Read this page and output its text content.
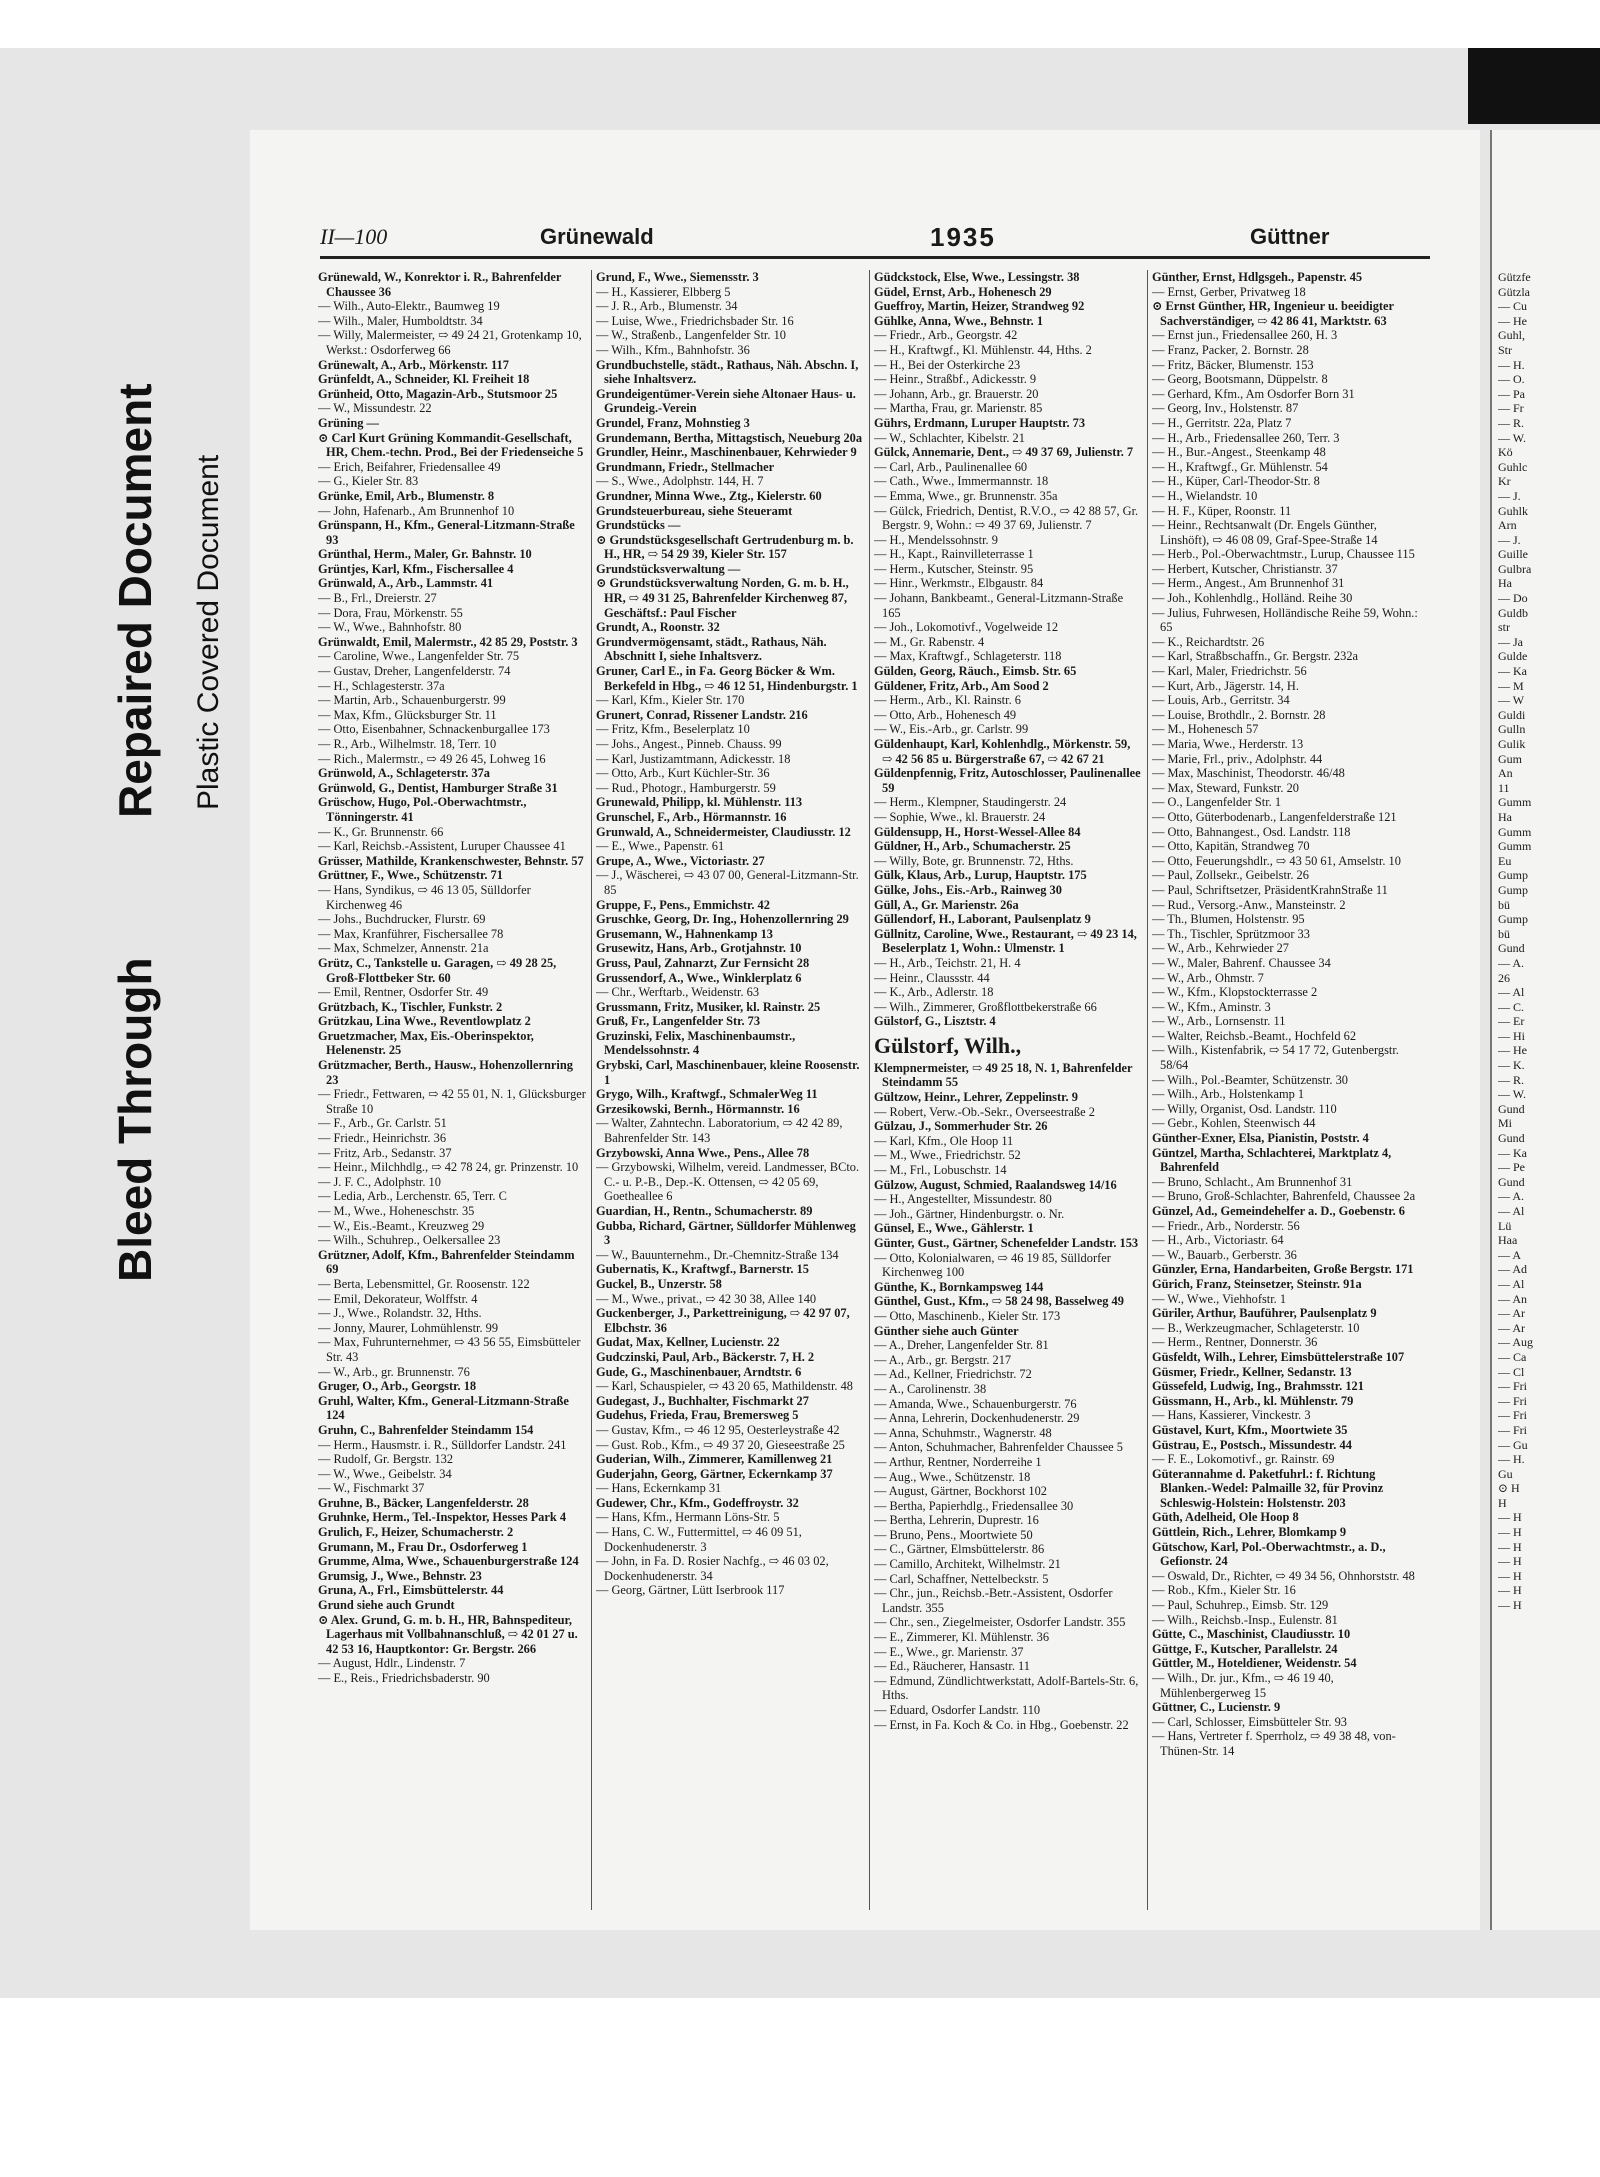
Bleed Through
Repaired Document Plastic Covered Document
II—100	Grünewald	1935	Güttner
Grünewald, W., Konrektor i. R., Bahrenfelder Chaussee 36
— Wilh., Auto-Elektr., Baumweg 19
— Wilh., Maler, Humboldtstr. 34
— Willy, Malermeister, ⇨ 49 24 21, Grotenkamp 10, Werkst.: Osdorferweg 66
Grünewalt, A., Arb., Mörkenstr. 117
Grünfeldt, A., Schneider, Kl. Freiheit 18
Grünheid, Otto, Magazin-Arb., Stutsmoor 25
— W., Missundestr. 22
Grüning —
⊙ Carl Kurt Grüning Kommandit-Gesellschaft, HR, Chem.-techn. Prod., Bei der Friedenseiche 5
— Erich, Beifahrer, Friedensallee 49
— G., Kieler Str. 83
Grünke, Emil, Arb., Blumenstr. 8
— John, Hafenarb., Am Brunnenhof 10
Grünspann, H., Kfm., General-Litzmann-Straße 93
Grünthal, Herm., Maler, Gr. Bahnstr. 10
Grüntjes, Karl, Kfm., Fischersallee 4
Grünwald, A., Arb., Lammstr. 41
— B., Frl., Dreierstr. 27
— Dora, Frau, Mörkenstr. 55
— W., Wwe., Bahnhofstr. 80
Grünwaldt, Emil, Malermstr., 42 85 29, Poststr. 3
— Caroline, Wwe., Langenfelder Str. 75
— Gustav, Dreher, Langenfelderstr. 74
— H., Schlagesterstr. 37a
— Martin, Arb., Schauenburgerstr. 99
— Max, Kfm., Glücksburger Str. 11
— Otto, Eisenbahner, Schnackenburgallee 173
— R., Arb., Wilhelmstr. 18, Terr. 10
— Rich., Malermstr., ⇨ 49 26 45, Lohweg 16
Grünwold, A., Schlageterstr. 37a
Grünwold, G., Dentist, Hamburger Straße 31
Grüschow, Hugo, Pol.-Oberwachtmstr., Tönningerstr. 41
— K., Gr. Brunnenstr. 66
— Karl, Reichsb.-Assistent, Luruper Chaussee 41
Grüsser, Mathilde, Krankenschwester, Behnstr. 57
Grüttner, F., Wwe., Schützenstr. 71
— Hans, Syndikus, ⇨ 46 13 05, Sülldorfer Kirchenweg 46
— Johs., Buchdrucker, Flurstr. 69
— Max, Kranführer, Fischersallee 78
— Max, Schmelzer, Annenstr. 21a
Grütz, C., Tankstelle u. Garagen, ⇨ 49 28 25, Groß-Flottbeker Str. 60
— Emil, Rentner, Osdorfer Str. 49
Grützbach, K., Tischler, Funkstr. 2
Grützkau, Lina Wwe., Reventlowplatz 2
Gruetzmacher, Max, Eis.-Oberinspektor, Helenenstr. 25
Grützmacher, Berth., Hausw., Hohenzollernring 23
— Friedr., Fettwaren, ⇨ 42 55 01, N. 1, Glücksburger Straße 10
— F., Arb., Gr. Carlstr. 51
— Friedr., Heinrichstr. 36
— Fritz, Arb., Sedanstr. 37
— Heinr., Milchhdlg., ⇨ 42 78 24, gr. Prinzenstr. 10
— J. F. C., Adolphstr. 10
— Ledia, Arb., Lerchenstr. 65, Terr. C
— M., Wwe., Hoheneschstr. 35
— W., Eis.-Beamt., Kreuzweg 29
— Wilh., Schuhrep., Oelkersallee 23
Grützner, Adolf, Kfm., Bahrenfelder Steindamm 69
— Berta, Lebensmittel, Gr. Roosenstr. 122
— Emil, Dekorateur, Wolffstr. 4
— J., Wwe., Rolandstr. 32, Hths.
— Jonny, Maurer, Lohmühlenstr. 99
— Max, Fuhrunternehmer, ⇨ 43 56 55, Eimsbütteler Str. 43
— W., Arb., gr. Brunnenstr. 76
Gruger, O., Arb., Georgstr. 18
Gruhl, Walter, Kfm., General-Litzmann-Straße 124
Gruhn, C., Bahrenfelder Steindamm 154
— Herm., Hausmstr. i. R., Sülldorfer Landstr. 241
— Rudolf, Gr. Bergstr. 132
— W., Wwe., Geibelstr. 34
— W., Fischmarkt 37
Gruhne, B., Bäcker, Langenfelderstr. 28
Gruhnke, Herm., Tel.-Inspektor, Hesses Park 4
Grulich, F., Heizer, Schumacherstr. 2
Grumann, M., Frau Dr., Osdorferweg 1
Grumme, Alma, Wwe., Schauenburgerstraße 124
Grumsig, J., Wwe., Behnstr. 23
Gruna, A., Frl., Eimsbüttelerstr. 44
Grund siehe auch Grundt
⊙ Alex. Grund, G. m. b. H., HR, Bahnspediteur, Lagerhaus mit Vollbahnanschluß, ⇨ 42 01 27 u. 42 53 16, Hauptkontor: Gr. Bergstr. 266
— August, Hdlr., Lindenstr. 7
— E., Reis., Friedrichsbaderstr. 90
Grund, F., Wwe., Siemensstr. 3
— H., Kassierer, Elbberg 5
— J. R., Arb., Blumenstr. 34
— Luise, Wwe., Friedrichsbader Str. 16
— W., Straßenb., Langenfelder Str. 10
— Wilh., Kfm., Bahnhofstr. 36
Grundbuchstelle, städt., Rathaus, Näh. Abschn. I, siehe Inhaltsverz.
Grundeigentümer-Verein siehe Altonaer Haus- u. Grundeig.-Verein
Grundel, Franz, Mohnstieg 3
Grundemann, Bertha, Mittagstisch, Neueburg 20a
Grundler, Heinr., Maschinenbauer, Kehrwieder 9
Grundmann, Friedr., Stellmacher
— S., Wwe., Adolphstr. 144, H. 7
Grundner, Minna Wwe., Ztg., Kielerstr. 60
Grundsteuerbureau, siehe Steueramt
Grundstücks —
⊙ Grundstücksgesellschaft Gertrudenburg m. b. H., HR, ⇨ 54 29 39, Kieler Str. 157
Grundstücksverwaltung —
⊙ Grundstücksverwaltung Norden, G. m. b. H., HR, ⇨ 49 31 25, Bahrenfelder Kirchenweg 87, Geschäftsf.: Paul Fischer
Grundt, A., Roonstr. 32
Grundvermögensamt, städt., Rathaus, Näh. Abschnitt I, siehe Inhaltsverz.
Gruner, Carl E., in Fa. Georg Böcker & Wm. Berkefeld in Hbg., ⇨ 46 12 51, Hindenburgstr. 1
— Karl, Kfm., Kieler Str. 170
Grunert, Conrad, Rissener Landstr. 216
— Fritz, Kfm., Beselerplatz 10
— Johs., Angest., Pinneb. Chauss. 99
— Karl, Justizamtmann, Adickesstr. 18
— Otto, Arb., Kurt Küchler-Str. 36
— Rud., Photogr., Hamburgerstr. 59
Grunewald, Philipp, kl. Mühlenstr. 113
Grunschel, F., Arb., Hörmannstr. 16
Grunwald, A., Schneidermeister, Claudiusstr. 12
— E., Wwe., Papenstr. 61
Grupe, A., Wwe., Victoriastr. 27
— J., Wäscherei, ⇨ 43 07 00, General-Litzmann-Str. 85
Gruppe, F., Pens., Emmichstr. 42
Gruschke, Georg, Dr. Ing., Hohenzollernring 29
Grusemann, W., Hahnenkamp 13
Grusewitz, Hans, Arb., Grotjahnstr. 10
Gruss, Paul, Zahnarzt, Zur Fernsicht 28
Grussendorf, A., Wwe., Winklerplatz 6
— Chr., Werftarb., Weidenstr. 63
Grussmann, Fritz, Musiker, kl. Rainstr. 25
Gruß, Fr., Langenfelder Str. 73
Gruzinski, Felix, Maschinenbaumstr., Mendelssohnstr. 4
Grybski, Carl, Maschinenbauer, kleine Roosenstr. 1
Grygo, Wilh., Kraftwgf., SchmalerWeg 11
Grzesikowski, Bernh., Hörmannstr. 16
— Walter, Zahntechn. Laboratorium, ⇨ 42 42 89, Bahrenfelder Str. 143
Grzybowski, Anna Wwe., Pens., Allee 78
— Grzybowski, Wilhelm, vereid. Landmesser, BCto. C.- u. P.-B., Dep.-K. Ottensen, ⇨ 42 05 69, Goetheallee 6
Guardian, H., Rentn., Schumacherstr. 89
Gubba, Richard, Gärtner, Sülldorfer Mühlenweg 3
— W., Bauunternehm., Dr.-Chemnitz-Straße 134
Gubernatis, K., Kraftwgf., Barnerstr. 15
Guckel, B., Unzerstr. 58
— M., Wwe., privat., ⇨ 42 30 38, Allee 140
Guckenberger, J., Parkettreinigung, ⇨ 42 97 07, Elbchstr. 36
Gudat, Max, Kellner, Lucienstr. 22
Gudczinski, Paul, Arb., Bäckerstr. 7, H. 2
Gude, G., Maschinenbauer, Arndtstr. 6
— Karl, Schauspieler, ⇨ 43 20 65, Mathildenstr. 48
Gudegast, J., Buchhalter, Fischmarkt 27
Gudehus, Frieda, Frau, Bremersweg 5
— Gustav, Kfm., ⇨ 46 12 95, Oesterleystraße 42
— Gust. Rob., Kfm., ⇨ 49 37 20, Gieseestraße 25
Guderian, Wilh., Zimmerer, Kamillenweg 21
Guderjahn, Georg, Gärtner, Eckernkamp 37
— Hans, Eckernkamp 31
Gudewer, Chr., Kfm., Godeffroystr. 32
— Hans, Kfm., Hermann Löns-Str. 5
— Hans, C. W., Futtermittel, ⇨ 46 09 51, Dockenhudenerstr. 3
— John, in Fa. D. Rosier Nachfg., ⇨ 46 03 02, Dockenhudenerstr. 34
— Georg, Gärtner, Lütt Iserbrook 117
Güdckstock, Else, Wwe., Lessingstr. 38
Güdel, Ernst, Arb., Hohenesch 29
Gueffroy, Martin, Heizer, Strandweg 92
Gühlke, Anna, Wwe., Behnstr. 1
— Friedr., Arb., Georgstr. 42
— H., Kraftwgf., Kl. Mühlenstr. 44, Hths. 2
— H., Bei der Osterkirche 23
— Heinr., Straßbf., Adickesstr. 9
— Johann, Arb., gr. Brauerstr. 20
— Martha, Frau, gr. Marienstr. 85
Gührs, Erdmann, Luruper Hauptstr. 73
— W., Schlachter, Kibelstr. 21
Gülck, Annemarie, Dent., ⇨ 49 37 69, Julienstr. 7
— Carl, Arb., Paulinenallee 60
— Cath., Wwe., Immermannstr. 18
— Emma, Wwe., gr. Brunnenstr. 35a
— Gülck, Friedrich, Dentist, R.V.O., ⇨ 42 88 57, Gr. Bergstr. 9, Wohn.: ⇨ 49 37 69, Julienstr. 7
— H., Mendelssohnstr. 9
— H., Kapt., Rainvilleterrasse 1
— Herm., Kutscher, Steinstr. 95
— Hinr., Werkmstr., Elbgaustr. 84
— Johann, Bankbeamt., General-Litzmann-Straße 165
— Joh., Lokomotivf., Vogelweide 12
— M., Gr. Rabenstr. 4
— Max, Kraftwgf., Schlageterstr. 118
Gülden, Georg, Räuch., Eimsb. Str. 65
Güldener, Fritz, Arb., Am Sood 2
— Herm., Arb., Kl. Rainstr. 6
— Otto, Arb., Hohenesch 49
— W., Eis.-Arb., gr. Carlstr. 99
Güldenhaupt, Karl, Kohlenhdlg., Mörkenstr. 59, ⇨ 42 56 85 u. Bürgerstraße 67, ⇨ 42 67 21
Güldenpfennig, Fritz, Autoschlosser, Paulinenallee 59
— Herm., Klempner, Staudingerstr. 24
— Sophie, Wwe., kl. Brauerstr. 24
Güldensupp, H., Horst-Wessel-Allee 84
Güldner, H., Arb., Schumacherstr. 25
— Willy, Bote, gr. Brunnenstr. 72, Hths.
Gülk, Klaus, Arb., Lurup, Hauptstr. 175
Gülke, Johs., Eis.-Arb., Rainweg 30
Güll, A., Gr. Marienstr. 26a
Güllendorf, H., Laborant, Paulsenplatz 9
Güllnitz, Caroline, Wwe., Restaurant, ⇨ 49 23 14, Beselerplatz 1, Wohn.: Ulmenstr. 1
— H., Arb., Teichstr. 21, H. 4
— Heinr., Claussstr. 44
— K., Arb., Adlerstr. 18
— Wilh., Zimmerer, Großflottbekerstraße 66
Gülstorf, G., Lisztstr. 4
Gülstorf, Wilh.,
Klempnermeister, ⇨ 49 25 18, N. 1, Bahrenfelder Steindamm 55
Gültzow, Heinr., Lehrer, Zeppelinstr. 9
— Robert, Verw.-Ob.-Sekr., Overseestraße 2
Gülzau, J., Sommerhuder Str. 26
— Karl, Kfm., Ole Hoop 11
— M., Wwe., Friedrichstr. 52
— M., Frl., Lobuschstr. 14
Gülzow, August, Schmied, Raalandsweg 14/16
— H., Angestellter, Missundestr. 80
— Joh., Gärtner, Hindenburgstr. o. Nr.
Günsel, E., Wwe., Gählerstr. 1
Günter, Gust., Gärtner, Schenefelder Landstr. 153
— Otto, Kolonialwaren, ⇨ 46 19 85, Sülldorfer Kirchenweg 100
Günthe, K., Bornkampsweg 144
Günthel, Gust., Kfm., ⇨ 58 24 98, Basselweg 49
— Otto, Maschinenb., Kieler Str. 173
Günther siehe auch Günter
— A., Dreher, Langenfelder Str. 81
— A., Arb., gr. Bergstr. 217
— Ad., Kellner, Friedrichstr. 72
— A., Carolinenstr. 38
— Amanda, Wwe., Schauenburgerstr. 76
— Anna, Lehrerin, Dockenhudenerstr. 29
— Anna, Schuhmstr., Wagnerstr. 48
— Anton, Schuhmacher, Bahrenfelder Chaussee 5
— Arthur, Rentner, Norderreihe 1
— Aug., Wwe., Schützenstr. 18
— August, Gärtner, Bockhorst 102
— Bertha, Papierhdlg., Friedensallee 30
— Bertha, Lehrerin, Duprestr. 16
— Bruno, Pens., Moortwiete 50
— C., Gärtner, Elmsbüttelerstr. 86
— Camillo, Architekt, Wilhelmstr. 21
— Carl, Schaffner, Nettelbeckstr. 5
— Chr., jun., Reichsb.-Betr.-Assistent, Osdorfer Landstr. 355
— Chr., sen., Ziegelmeister, Osdorfer Landstr. 355
— E., Zimmerer, Kl. Mühlenstr. 36
— E., Wwe., gr. Marienstr. 37
— Ed., Räucherer, Hansastr. 11
— Edmund, Zündlichtwerkstatt, Adolf-Bartels-Str. 6, Hths.
— Eduard, Osdorfer Landstr. 110
— Ernst, in Fa. Koch & Co. in Hbg., Goebenstr. 22
Günther, Ernst, Hdlgsgeh., Papenstr. 45
— Ernst, Gerber, Privatweg 18
⊙ Ernst Günther, HR, Ingenieur u. beeidigter Sachverständiger, ⇨ 42 86 41, Marktstr. 63
— Ernst jun., Friedensallee 260, H. 3
— Franz, Packer, 2. Bornstr. 28
— Fritz, Bäcker, Blumenstr. 153
— Georg, Bootsmann, Düppelstr. 8
— Gerhard, Kfm., Am Osdorfer Born 31
— Georg, Inv., Holstenstr. 87
— H., Gerritstr. 22a, Platz 7
— H., Arb., Friedensallee 260, Terr. 3
— H., Bur.-Angest., Steenkamp 48
— H., Kraftwgf., Gr. Mühlenstr. 54
— H., Küper, Carl-Theodor-Str. 8
— H., Wielandstr. 10
— H. F., Küper, Roonstr. 11
— Heinr., Rechtsanwalt (Dr. Engels Günther, Linshöft), ⇨ 46 08 09, Graf-Spee-Straße 14
— Herb., Pol.-Oberwachtmstr., Lurup, Chaussee 115
— Herbert, Kutscher, Christianstr. 37
— Herm., Angest., Am Brunnenhof 31
— Joh., Kohlenhdlg., Holländ. Reihe 30
— Julius, Fuhrwesen, Holländische Reihe 59, Wohn.: 65
— K., Reichardtstr. 26
— Karl, Straßbschaffn., Gr. Bergstr. 232a
— Karl, Maler, Friedrichstr. 56
— Kurt, Arb., Jägerstr. 14, H.
— Louis, Arb., Gerritstr. 34
— Louise, Brothdlr., 2. Bornstr. 28
— M., Hohenesch 57
— Maria, Wwe., Herderstr. 13
— Marie, Frl., priv., Adolphstr. 44
— Max, Maschinist, Theodorstr. 46/48
— Max, Steward, Funkstr. 20
— O., Langenfelder Str. 1
— Otto, Güterbodenarb., Langenfelderstraße 121
— Otto, Bahnangest., Osd. Landstr. 118
— Otto, Kapitän, Strandweg 70
— Otto, Feuerungshdlr., ⇨ 43 50 61, Amselstr. 10
— Paul, Zollsekr., Geibelstr. 26
— Paul, Schriftsetzer, PräsidentKrahnStraße 11
— Rud., Versorg.-Anw., Mansteinstr. 2
— Th., Blumen, Holstenstr. 95
— Th., Tischler, Sprützmoor 33
— W., Arb., Kehrwieder 27
— W., Maler, Bahrenf. Chaussee 34
— W., Arb., Ohmstr. 7
— W., Kfm., Klopstockterrasse 2
— W., Kfm., Aminstr. 3
— W., Arb., Lornsenstr. 11
— Walter, Reichsb.-Beamt., Hochfeld 62
— Wilh., Kistenfabrik, ⇨ 54 17 72, Gutenbergstr. 58/64
— Wilh., Pol.-Beamter, Schützenstr. 30
— Wilh., Arb., Holstenkamp 1
— Willy, Organist, Osd. Landstr. 110
— Gebr., Kohlen, Steenwisch 44
Günther-Exner, Elsa, Pianistin, Poststr. 4
Güntzel, Martha, Schlachterei, Marktplatz 4, Bahrenfeld
— Bruno, Schlacht., Am Brunnenhof 31
— Bruno, Groß-Schlachter, Bahrenfeld, Chaussee 2a
Günzel, Ad., Gemeindehelfer a. D., Goebenstr. 6
— Friedr., Arb., Norderstr. 56
— H., Arb., Victoriastr. 64
— W., Bauarb., Gerberstr. 36
Günzler, Erna, Handarbeiten, Große Bergstr. 171
Gürich, Franz, Steinsetzer, Steinstr. 91a
— W., Wwe., Viehhofstr. 1
Güriler, Arthur, Bauführer, Paulsenplatz 9
— B., Werkzeugmacher, Schlageterstr. 10
— Herm., Rentner, Donnerstr. 36
Güsfeldt, Wilh., Lehrer, Eimsbüttelerstraße 107
Güsmer, Friedr., Kellner, Sedanstr. 13
Güssefeld, Ludwig, Ing., Brahmsstr. 121
Güssmann, H., Arb., kl. Mühlenstr. 79
— Hans, Kassierer, Vinckestr. 3
Güstavel, Kurt, Kfm., Moortwiete 35
Güstrau, E., Postsch., Missundestr. 44
— F. E., Lokomotivf., gr. Rainstr. 69
Güterannahme d. Paketfuhrl.: f. Richtung Blanken.-Wedel: Palmaille 32, für Provinz Schleswig-Holstein: Holstenstr. 203
Güth, Adelheid, Ole Hoop 8
Güttlein, Rich., Lehrer, Blomkamp 9
Gütschow, Karl, Pol.-Oberwachtmstr., a. D., Gefionstr. 24
— Oswald, Dr., Richter, ⇨ 49 34 56, Ohnhorststr. 48
— Rob., Kfm., Kieler Str. 16
— Paul, Schuhrep., Eimsb. Str. 129
— Wilh., Reichsb.-Insp., Eulenstr. 81
Gütte, C., Maschinist, Claudiusstr. 10
Güttge, F., Kutscher, Parallelstr. 24
Güttler, M., Hoteldiener, Weidenstr. 54
— Wilh., Dr. jur., Kfm., ⇨ 46 19 40, Mühlenbergerweg 15
Güttner, C., Lucienstr. 9
— Carl, Schlosser, Eimsbütteler Str. 93
— Hans, Vertreter f. Sperrholz, ⇨ 49 38 48, von-Thünen-Str. 14
Gützfe
Gützla
— Cu
— He
Guhl,
Str
— H.
— O.
— Pa
— Fr
— R.
— W.
Kö
Guhlc
Kr
— J.
Guhlk
Arn
— J.
Guille
Gulbra
Ha
— Do
Guldb
str
— Ja
Gulde
— Ka
— M
— W
Guldi
Gulln
Gulik
Gum
An
11
Gumm
Ha
Gumm
Gumm
Eu
Gump
Gump
bü
Gump
bü
Gund
— A.
26
— Al
— C.
— Er
— Hi
— He
— K.
— R.
— W.
Gund
Mi
Gund
— Ka
— Pe
Gund
— A.
— Al
Lü
Haa
— A
— Ad
— Al
— An
— Ar
— Ar
— Aug
— Ca
— Cl
— Fri
— Fri
— Fri
— Fri
— Gu
— H.
Gu
⊙ H
H
— H
— H
— H
— H
— H
— H
— H
